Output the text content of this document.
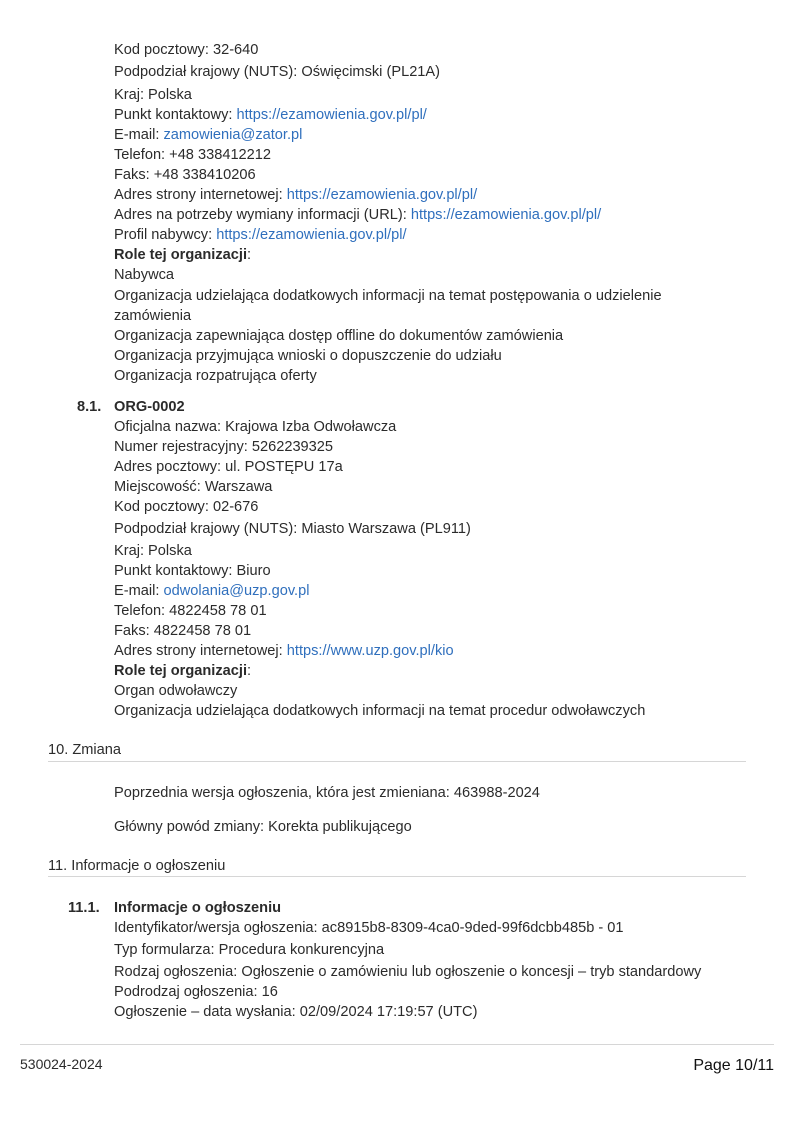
Kod pocztowy: 32-640
Podpodział krajowy (NUTS): Oświęcimski (PL21A)
Kraj: Polska
Punkt kontaktowy: https://ezamowienia.gov.pl/pl/
E-mail: zamowienia@zator.pl
Telefon: +48 338412212
Faks: +48 338410206
Adres strony internetowej: https://ezamowienia.gov.pl/pl/
Adres na potrzeby wymiany informacji (URL): https://ezamowienia.gov.pl/pl/
Profil nabywcy: https://ezamowienia.gov.pl/pl/
Role tej organizacji:
Nabywca
Organizacja udzielająca dodatkowych informacji na temat postępowania o udzielenie
zamówienia
Organizacja zapewniająca dostęp offline do dokumentów zamówienia
Organizacja przyjmująca wnioski o dopuszczenie do udziału
Organizacja rozpatrująca oferty
8.1. ORG-0002
Oficjalna nazwa: Krajowa Izba Odwoławcza
Numer rejestracyjny: 5262239325
Adres pocztowy: ul. POSTĘPU 17a
Miejscowość: Warszawa
Kod pocztowy: 02-676
Podpodział krajowy (NUTS): Miasto Warszawa (PL911)
Kraj: Polska
Punkt kontaktowy: Biuro
E-mail: odwolania@uzp.gov.pl
Telefon: 4822458 78 01
Faks: 4822458 78 01
Adres strony internetowej: https://www.uzp.gov.pl/kio
Role tej organizacji:
Organ odwoławczy
Organizacja udzielająca dodatkowych informacji na temat procedur odwoławczych
10. Zmiana
Poprzednia wersja ogłoszenia, która jest zmieniana: 463988-2024
Główny powód zmiany: Korekta publikującego
11. Informacje o ogłoszeniu
11.1. Informacje o ogłoszeniu
Identyfikator/wersja ogłoszenia: ac8915b8-8309-4ca0-9ded-99f6dcbb485b - 01
Typ formularza: Procedura konkurencyjna
Rodzaj ogłoszenia: Ogłoszenie o zamówieniu lub ogłoszenie o koncesji – tryb standardowy
Podrodzaj ogłoszenia: 16
Ogłoszenie – data wysłania: 02/09/2024 17:19:57 (UTC)
530024-2024	Page 10/11
